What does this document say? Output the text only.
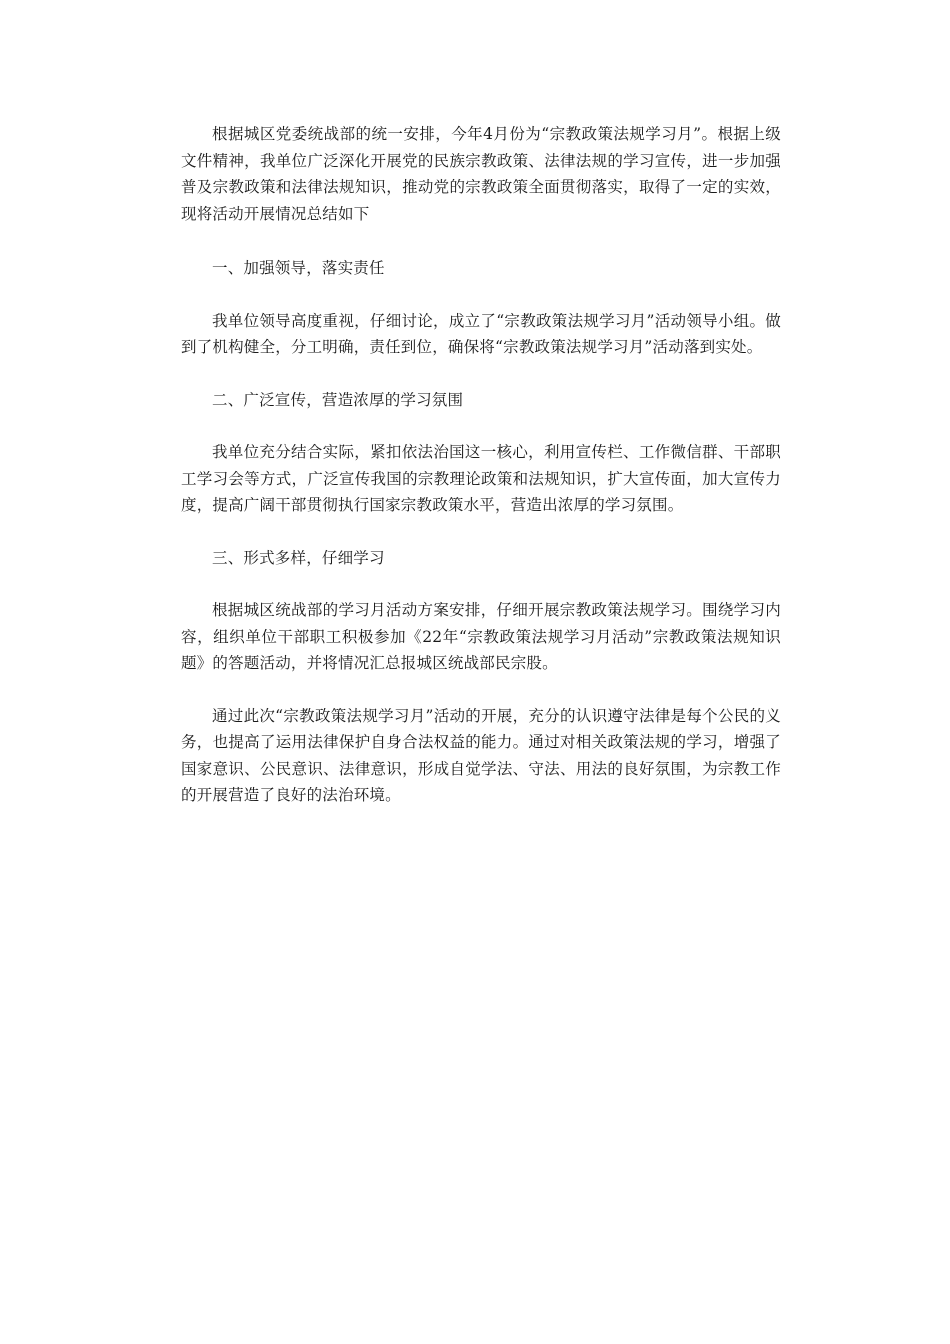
根据城区党委统战部的统一安排，今年4月份为“宗教政策法规学习月”。根据上级文件精神，我单位广泛深化开展党的民族宗教政策、法律法规的学习宣传，进一步加强普及宗教政策和法律法规知识，推动党的宗教政策全面贯彻落实，取得了一定的实效，现将活动开展情况总结如下

一、加强领导，落实责任

我单位领导高度重视，仔细讨论，成立了“宗教政策法规学习月”活动领导小组。做到了机构健全，分工明确，责任到位，确保将“宗教政策法规学习月”活动落到实处。

二、广泛宣传，营造浓厚的学习氛围

我单位充分结合实际，紧扣依法治国这一核心，利用宣传栏、工作微信群、干部职工学习会等方式，广泛宣传我国的宗教理论政策和法规知识，扩大宣传面，加大宣传力度，提高广阔干部贯彻执行国家宗教政策水平，营造出浓厚的学习氛围。

三、形式多样，仔细学习

根据城区统战部的学习月活动方案安排，仔细开展宗教政策法规学习。围绕学习内容，组织单位干部职工积极参加《22年“宗教政策法规学习月活动”宗教政策法规知识题》的答题活动，并将情况汇总报城区统战部民宗股。

通过此次“宗教政策法规学习月”活动的开展，充分的认识遵守法律是每个公民的义务，也提高了运用法律保护自身合法权益的能力。通过对相关政策法规的学习，增强了国家意识、公民意识、法律意识，形成自觉学法、守法、用法的良好氛围，为宗教工作的开展营造了良好的法治环境。
